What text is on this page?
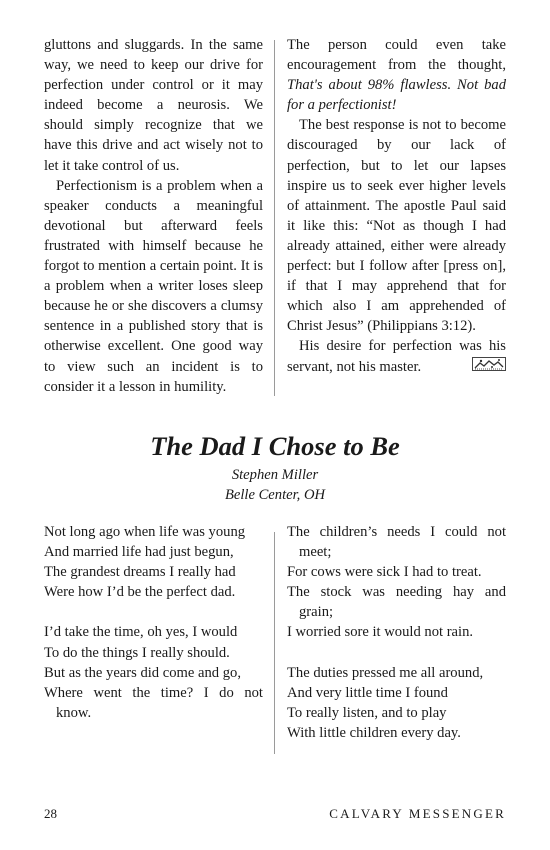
gluttons and sluggards. In the same way, we need to keep our drive for perfection under control or it may indeed become a neurosis. We should simply recognize that we have this drive and act wisely not to let it take control of us.

Perfectionism is a problem when a speaker conducts a meaningful devotional but afterward feels frustrated with himself because he forgot to mention a certain point. It is a problem when a writer loses sleep because he or she discovers a clumsy sentence in a published story that is otherwise excellent. One good way to view such an incident is to consider it a lesson in humility.

The person could even take encouragement from the thought, That's about 98% flawless. Not bad for a perfectionist!

The best response is not to become discouraged by our lack of perfection, but to let our lapses inspire us to seek ever higher levels of attainment. The apostle Paul said it like this: “Not as though I had already attained, either were already perfect: but I follow after [press on], if that I may apprehend that for which also I am apprehended of Christ Jesus” (Philippians 3:12).

His desire for perfection was his servant, not his master.

The Dad I Chose to Be
Stephen Miller
Belle Center, OH
Not long ago when life was young
And married life had just begun,
The grandest dreams I really had
Were how I’d be the perfect dad.
I’d take the time, oh yes, I would
To do the things I really should.
But as the years did come and go,
Where went the time? I do not
know.
The children’s needs I could not
meet;
For cows were sick I had to treat.
The stock was needing hay and
grain;
I worried sore it would not rain.
The duties pressed me all around,
And very little time I found
To really listen, and to play
With little children every day.
28	CALVARY MESSENGER
